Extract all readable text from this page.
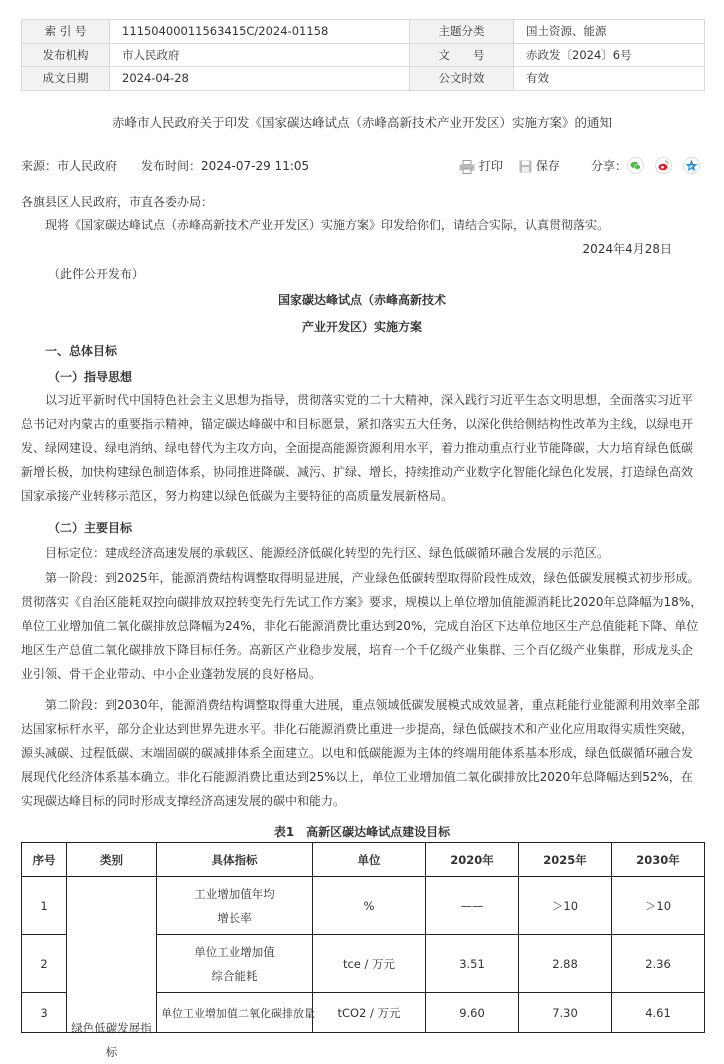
索 引 号	11150400011563415C/2024-01158	主题分类	国土资源、能源
发布机构	市人民政府	文　　号	赤政发〔2024〕6号
成文日期	2024-04-28	公文时效	有效
赤峰市人民政府关于印发《国家碳达峰试点（赤峰高新技术产业开发区）实施方案》的通知
来源：市人民政府 发布时间：2024-07-29 11:05	打印	保存	分享：
各旗县区人民政府，市直各委办局：
现将《国家碳达峰试点（赤峰高新技术产业开发区）实施方案》印发给你们，请结合实际，认真贯彻落实。
2024年4月28日
（此件公开发布）
国家碳达峰试点（赤峰高新技术
产业开发区）实施方案
一、总体目标
（一）指导思想
以习近平新时代中国特色社会主义思想为指导，贯彻落实党的二十大精神，深入践行习近平生态文明思想，全面落实习近平总书记对内蒙古的重要指示精神，锚定碳达峰碳中和目标愿景，紧扣落实五大任务，以深化供给侧结构性改革为主线，以绿电开发、绿网建设、绿电消纳、绿电替代为主攻方向，全面提高能源资源利用水平，着力推动重点行业节能降碳，大力培育绿色低碳新增长极，加快构建绿色制造体系，协同推进降碳、减污、扩绿、增长，持续推动产业数字化智能化绿色化发展，打造绿色高效国家承接产业转移示范区，努力构建以绿色低碳为主要特征的高质量发展新格局。
（二）主要目标
目标定位：建成经济高速发展的承载区、能源经济低碳化转型的先行区、绿色低碳循环融合发展的示范区。
第一阶段：到2025年，能源消费结构调整取得明显进展，产业绿色低碳转型取得阶段性成效，绿色低碳发展模式初步形成。贯彻落实《自治区能耗双控向碳排放双控转变先行先试工作方案》要求，规模以上单位增加值能源消耗比2020年总降幅为18%，单位工业增加值二氧化碳排放总降幅为24%，非化石能源消费比重达到20%，完成自治区下达单位地区生产总值能耗下降、单位地区生产总值二氧化碳排放下降目标任务。高新区产业稳步发展，培育一个千亿级产业集群、三个百亿级产业集群，形成龙头企业引领、骨干企业带动、中小企业蓬勃发展的良好格局。
第二阶段：到2030年，能源消费结构调整取得重大进展，重点领域低碳发展模式成效显著，重点耗能行业能源利用效率全部达国家标杆水平，部分企业达到世界先进水平。非化石能源消费比重进一步提高，绿色低碳技术和产业化应用取得实质性突破，源头减碳、过程低碳、末端固碳的碳减排体系全面建立。以电和低碳能源为主体的终端用能体系基本形成，绿色低碳循环融合发展现代化经济体系基本确立。非化石能源消费比重达到25%以上，单位工业增加值二氧化碳排放比2020年总降幅达到52%，在实现碳达峰目标的同时形成支撑经济高速发展的碳中和能力。
表1　高新区碳达峰试点建设目标
序号	类别	具体指标	单位	2020年	2025年	2030年
1	绿色低碳发展指标	工业增加值年均
增长率	%	——	＞10	＞10
2		单位工业增加值
综合能耗	tce / 万元	3.51	2.88	2.36
3		单位工业增加值二氧化碳排放量	tCO2 / 万元	9.60	7.30	4.61
